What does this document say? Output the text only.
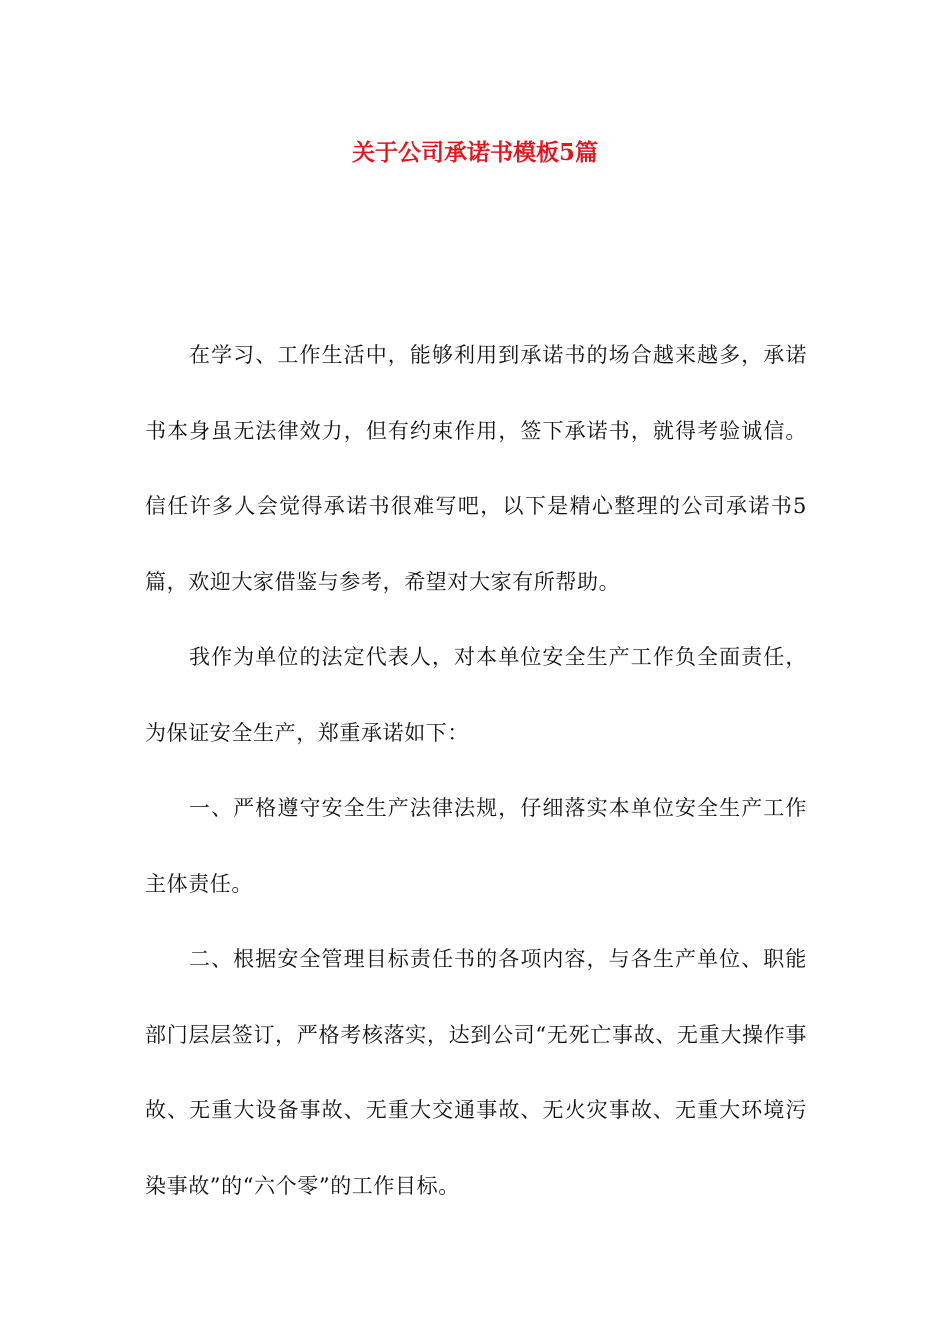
关于公司承诺书模板5篇

在学习、工作生活中，能够利用到承诺书的场合越来越多，承诺书本身虽无法律效力，但有约束作用，签下承诺书，就得考验诚信。信任许多人会觉得承诺书很难写吧，以下是精心整理的公司承诺书5篇，欢迎大家借鉴与参考，希望对大家有所帮助。

我作为单位的法定代表人，对本单位安全生产工作负全面责任，为保证安全生产，郑重承诺如下：

一、严格遵守安全生产法律法规，仔细落实本单位安全生产工作主体责任。

二、根据安全管理目标责任书的各项内容，与各生产单位、职能部门层层签订，严格考核落实，达到公司“无死亡事故、无重大操作事故、无重大设备事故、无重大交通事故、无火灾事故、无重大环境污染事故”的“六个零”的工作目标。
